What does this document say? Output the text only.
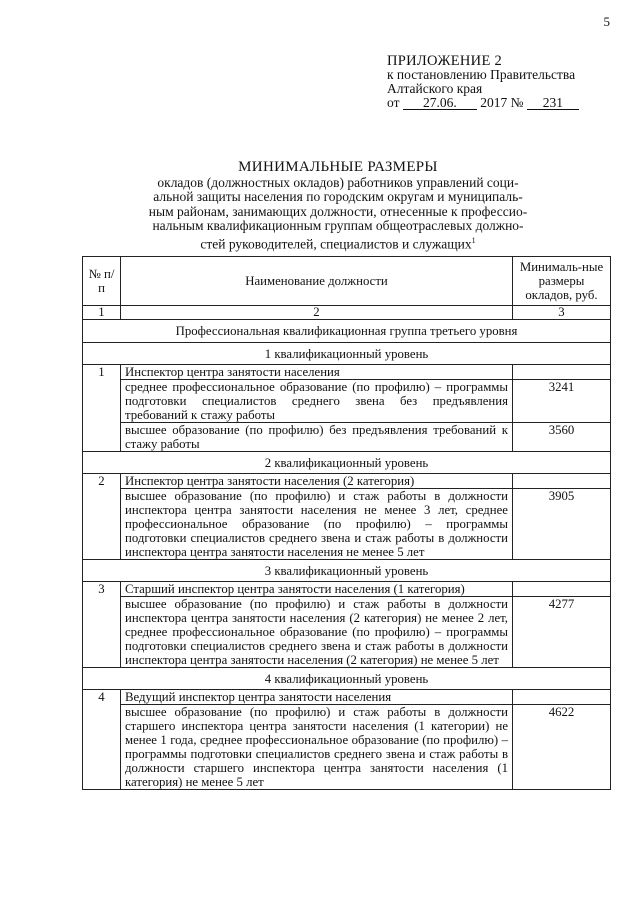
5
ПРИЛОЖЕНИЕ 2
к постановлению Правительства
Алтайского края
от 27.06. 2017 № 231
МИНИМАЛЬНЫЕ РАЗМЕРЫ
окладов (должностных окладов) работников управлений соци-
альной защиты населения по городским округам и муниципаль-
ным районам, занимающих должности, отнесенные к профессио-
нальным квалификационным группам общеотраслевых должно-
стей руководителей, специалистов и служащих$^1$
№ п/п	Наименование должности	Минималь-ные размеры окладов, руб.
1	2	3
Профессиональная квалификационная группа третьего уровня		
1 квалификационный уровень		
1	Инспектор центра занятости населения	
	среднее профессиональное образование (по профилю) – программы подготовки специалистов среднего звена без предъявления требований к стажу работы	3241
	высшее образование (по профилю) без предъявления требований к стажу работы	3560
2 квалификационный уровень		
2	Инспектор центра занятости населения (2 категория)	
	высшее образование (по профилю) и стаж работы в должности инспектора центра занятости населения не менее 3 лет, среднее профессиональное образование (по профилю) – программы подготовки специалистов среднего звена и стаж работы в должности инспектора центра занятости населения не менее 5 лет	3905
3 квалификационный уровень		
3	Старший инспектор центра занятости населения (1 категория)	
	высшее образование (по профилю) и стаж работы в должности инспектора центра занятости населения (2 категория) не менее 2 лет, среднее профессиональное образование (по профилю) – программы подготовки специалистов среднего звена и стаж работы в должности инспектора центра занятости населения (2 категория) не менее 5 лет	4277
4 квалификационный уровень		
4	Ведущий инспектор центра занятости населения	
	высшее образование (по профилю) и стаж работы в должности старшего инспектора центра занятости населения (1 категории) не менее 1 года, среднее профессиональное образование (по профилю) – программы подготовки специалистов среднего звена и стаж работы в должности старшего инспектора центра занятости населения (1 категория) не менее 5 лет	4622
